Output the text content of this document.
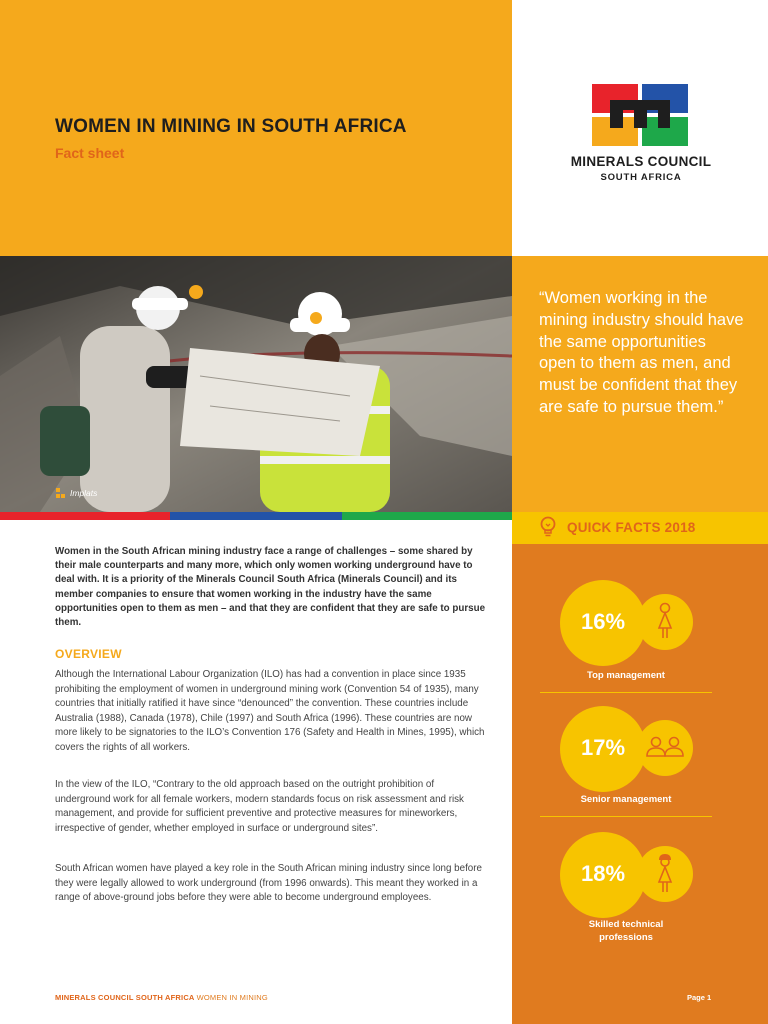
WOMEN IN MINING IN SOUTH AFRICA
Fact sheet
MINERALS COUNCIL
SOUTH AFRICA
Implats
“Women working in the mining industry should have the same opportunities open to them as men, and must be confident that they are safe to pursue them.”
QUICK FACTS 2018
16%
Top management
17%
Senior management
18%
Skilled technical professions
Women in the South African mining industry face a range of challenges – some shared by their male counterparts and many more, which only women working underground have to deal with. It is a priority of the Minerals Council South Africa (Minerals Council) and its member companies to ensure that women working in the industry have the same opportunities open to them as men – and that they are confident that they are safe to pursue them.
OVERVIEW
Although the International Labour Organization (ILO) has had a convention in place since 1935 prohibiting the employment of women in underground mining work (Convention 54 of 1935), many countries that initially ratified it have since “denounced” the convention. These countries include Australia (1988), Canada (1978), Chile (1997) and South Africa (1996). These countries are now more likely to be signatories to the ILO’s Convention 176 (Safety and Health in Mines, 1995), which covers the rights of all workers.
In the view of the ILO, “Contrary to the old approach based on the outright prohibition of underground work for all female workers, modern standards focus on risk assessment and risk management, and provide for sufficient preventive and protective measures for mineworkers, irrespective of gender, whether employed in surface or underground sites”.
South African women have played a key role in the South African mining industry since long before they were legally allowed to work underground (from 1996 onwards). This meant they worked in a range of above-ground jobs before they were able to become underground employees.
MINERALS COUNCIL SOUTH AFRICA WOMEN IN MINING	Page 1
